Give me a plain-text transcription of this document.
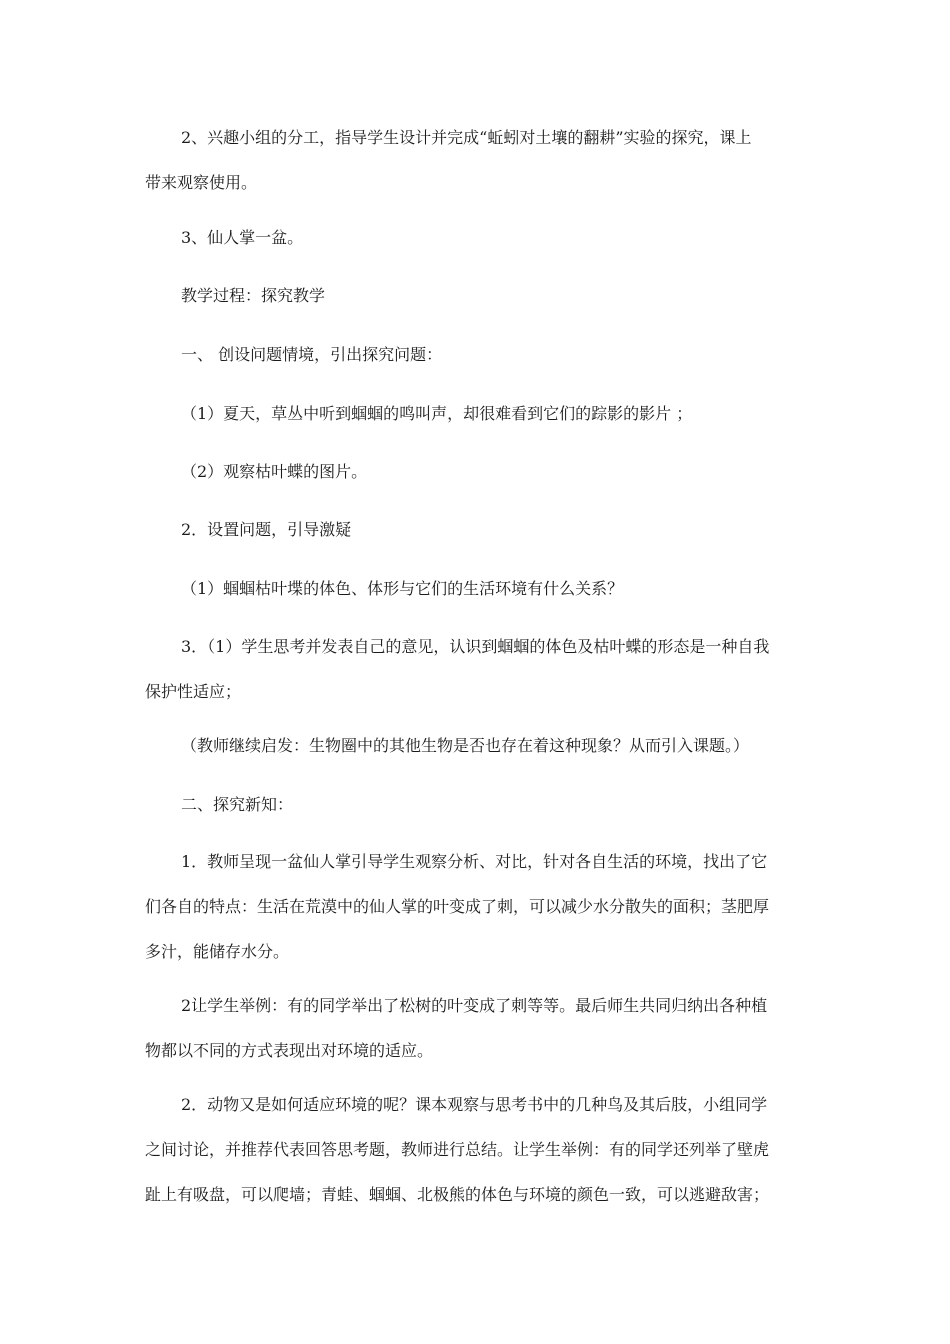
2、兴趣小组的分工，指导学生设计并完成“蚯蚓对土壤的翻耕”实验的探究，课上
带来观察使用。
3、仙人掌一盆。
教学过程：探究教学
一、 创设问题情境，引出探究问题：
（1）夏天，草丛中听到蝈蝈的鸣叫声，却很难看到它们的踪影的影片 ；
（2）观察枯叶蝶的图片。
2．设置问题，引导激疑
（1）蝈蝈枯叶堞的体色、体形与它们的生活环境有什么关系？
3．（1）学生思考并发表自己的意见，认识到蝈蝈的体色及枯叶蝶的形态是一种自我
保护性适应；
（教师继续启发：生物圈中的其他生物是否也存在着这种现象？从而引入课题。）
二、探究新知：
1．教师呈现一盆仙人掌引导学生观察分析、对比，针对各自生活的环境，找出了它
们各自的特点：生活在荒漠中的仙人掌的叶变成了刺，可以减少水分散失的面积；茎肥厚
多汁，能储存水分。
2让学生举例：有的同学举出了松树的叶变成了刺等等。最后师生共同归纳出各种植
物都以不同的方式表现出对环境的适应。
2．动物又是如何适应环境的呢？课本观察与思考书中的几种鸟及其后肢，小组同学
之间讨论，并推荐代表回答思考题，教师进行总结。让学生举例：有的同学还列举了壁虎
趾上有吸盘，可以爬墙；青蛙、蝈蝈、北极熊的体色与环境的颜色一致，可以逃避敌害；
